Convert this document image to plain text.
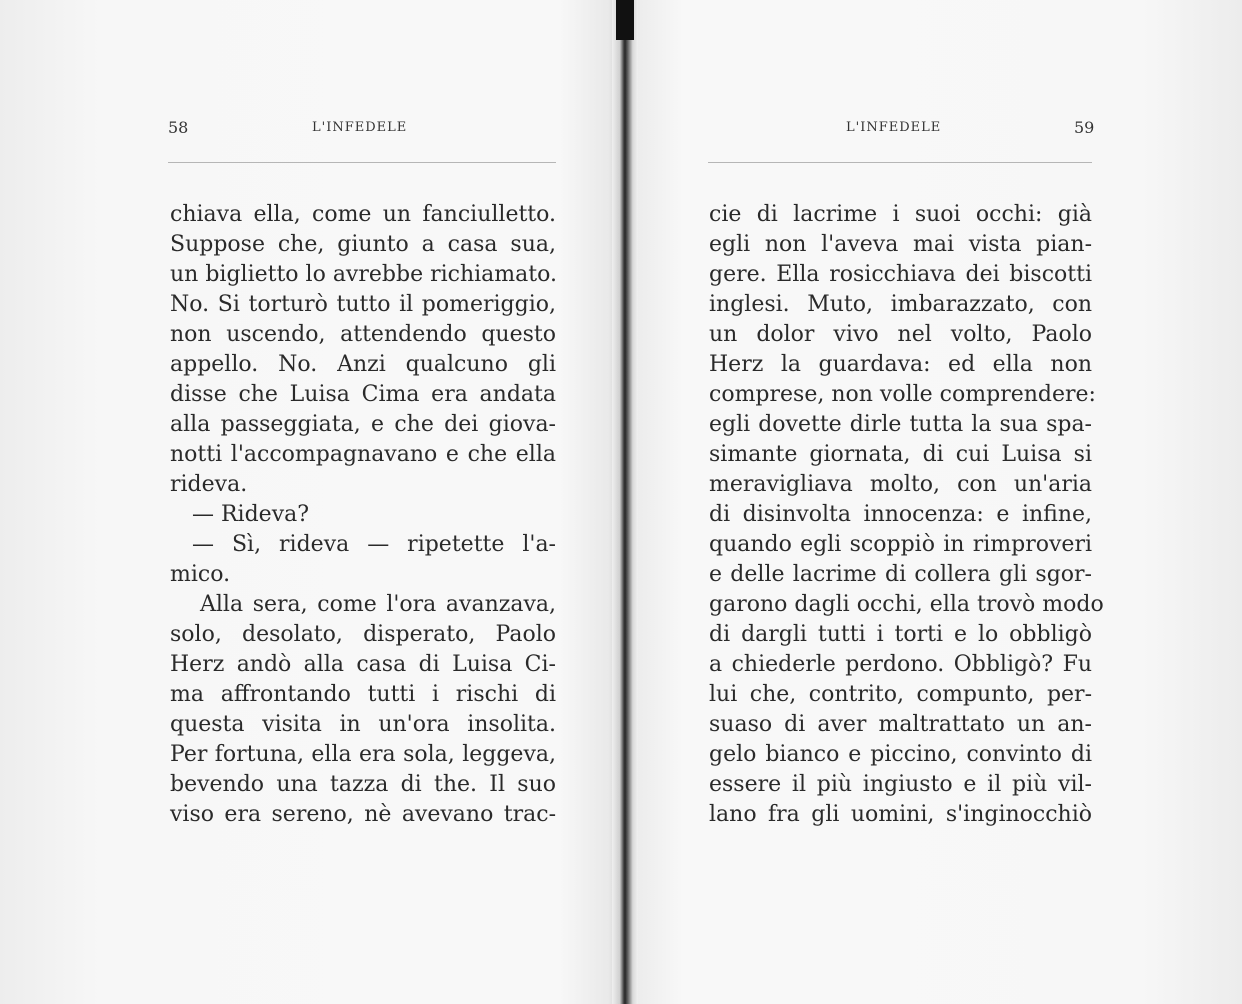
58	L'INFEDELE
chiava ella, come un fanciulletto.
Suppose che, giunto a casa sua,
un biglietto lo avrebbe richiamato.
No. Si torturò tutto il pomeriggio,
non uscendo, attendendo questo
appello. No. Anzi qualcuno gli
disse che Luisa Cima era andata
alla passeggiata, e che dei giova-
notti l'accompagnavano e che ella
rideva.
— Rideva?
— Sì, rideva — ripetette l'a-
mico.
Alla sera, come l'ora avanzava,
solo, desolato, disperato, Paolo
Herz andò alla casa di Luisa Ci-
ma affrontando tutti i rischi di
questa visita in un'ora insolita.
Per fortuna, ella era sola, leggeva,
bevendo una tazza di the. Il suo
viso era sereno, nè avevano trac-
L'INFEDELE	59
cie di lacrime i suoi occhi: già
egli non l'aveva mai vista pian-
gere. Ella rosicchiava dei biscotti
inglesi. Muto, imbarazzato, con
un dolor vivo nel volto, Paolo
Herz la guardava: ed ella non
comprese, non volle comprendere:
egli dovette dirle tutta la sua spa-
simante giornata, di cui Luisa si
meravigliava molto, con un'aria
di disinvolta innocenza: e infine,
quando egli scoppiò in rimproveri
e delle lacrime di collera gli sgor-
garono dagli occhi, ella trovò modo
di dargli tutti i torti e lo obbligò
a chiederle perdono. Obbligò? Fu
lui che, contrito, compunto, per-
suaso di aver maltrattato un an-
gelo bianco e piccino, convinto di
essere il più ingiusto e il più vil-
lano fra gli uomini, s'inginocchiò
